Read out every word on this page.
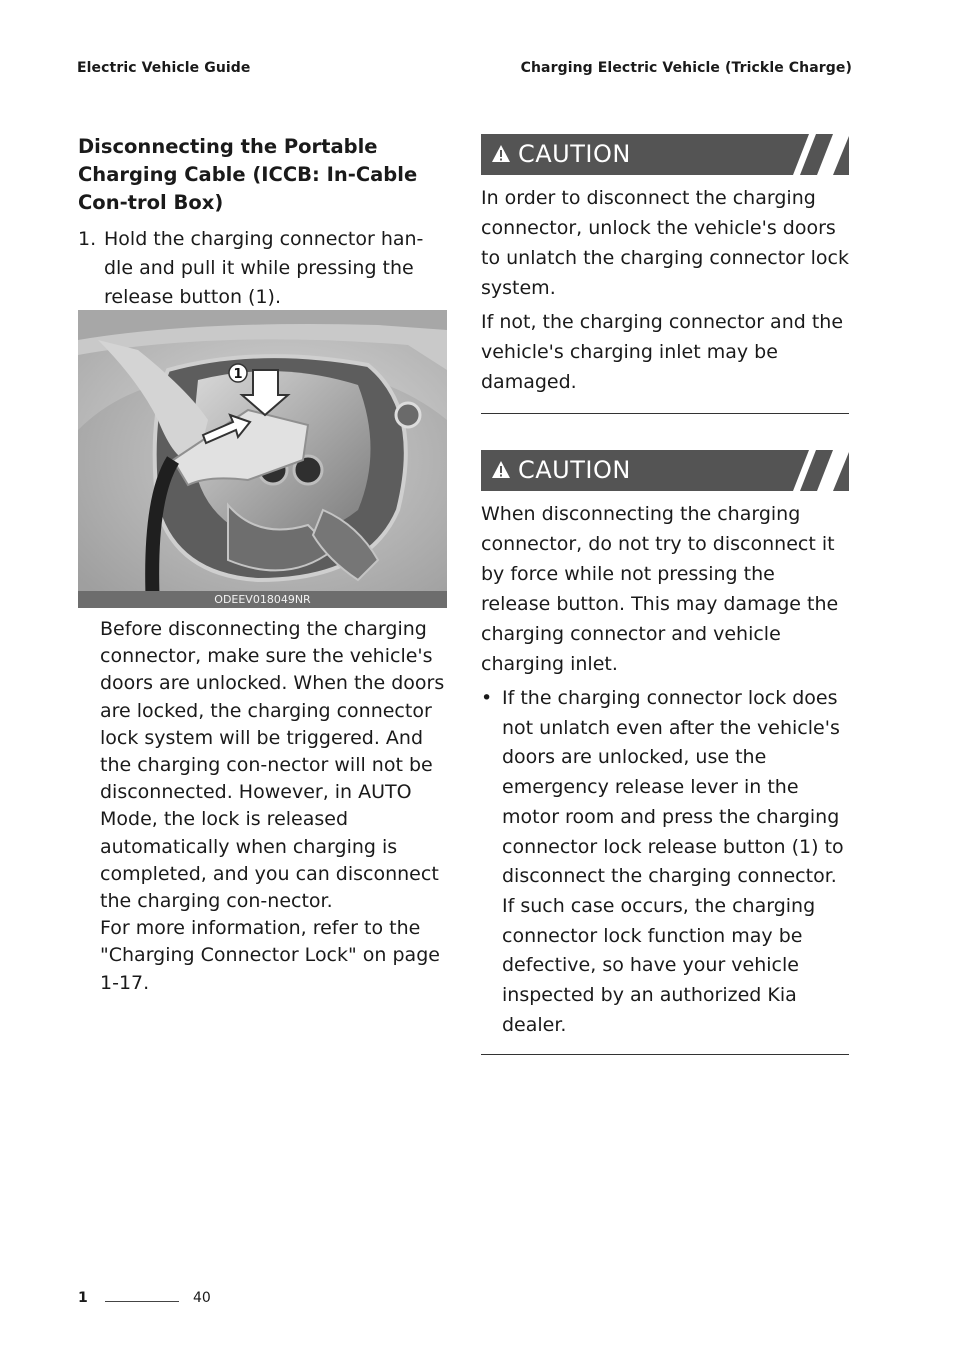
Electric Vehicle Guide	Charging Electric Vehicle (Trickle Charge)
Disconnecting the Portable Charging Cable (ICCB: In-Cable Con-trol Box)

1. Hold the charging connector han-dle and pull it while pressing the release button (1).

1
ODEEV018049NR

Before disconnecting the charging connector, make sure the vehicle's doors are unlocked. When the doors are locked, the charging connector lock system will be triggered. And the charging con-nector will not be disconnected. However, in AUTO Mode, the lock is released automatically when charging is completed, and you can disconnect the charging con-nector.

For more information, refer to the "Charging Connector Lock" on page 1-17.

CAUTION

In order to disconnect the charging connector, unlock the vehicle's doors to unlatch the charging connector lock system.

If not, the charging connector and the vehicle's charging inlet may be damaged.

CAUTION

When disconnecting the charging connector, do not try to disconnect it by force while not pressing the release button. This may damage the charging connector and vehicle charging inlet.

• If the charging connector lock does not unlatch even after the vehicle's doors are unlocked, use the emergency release lever in the motor room and press the charging connector lock release button (1) to disconnect the charging connector. If such case occurs, the charging connector lock function may be defective, so have your vehicle inspected by an authorized Kia dealer.

1	40
